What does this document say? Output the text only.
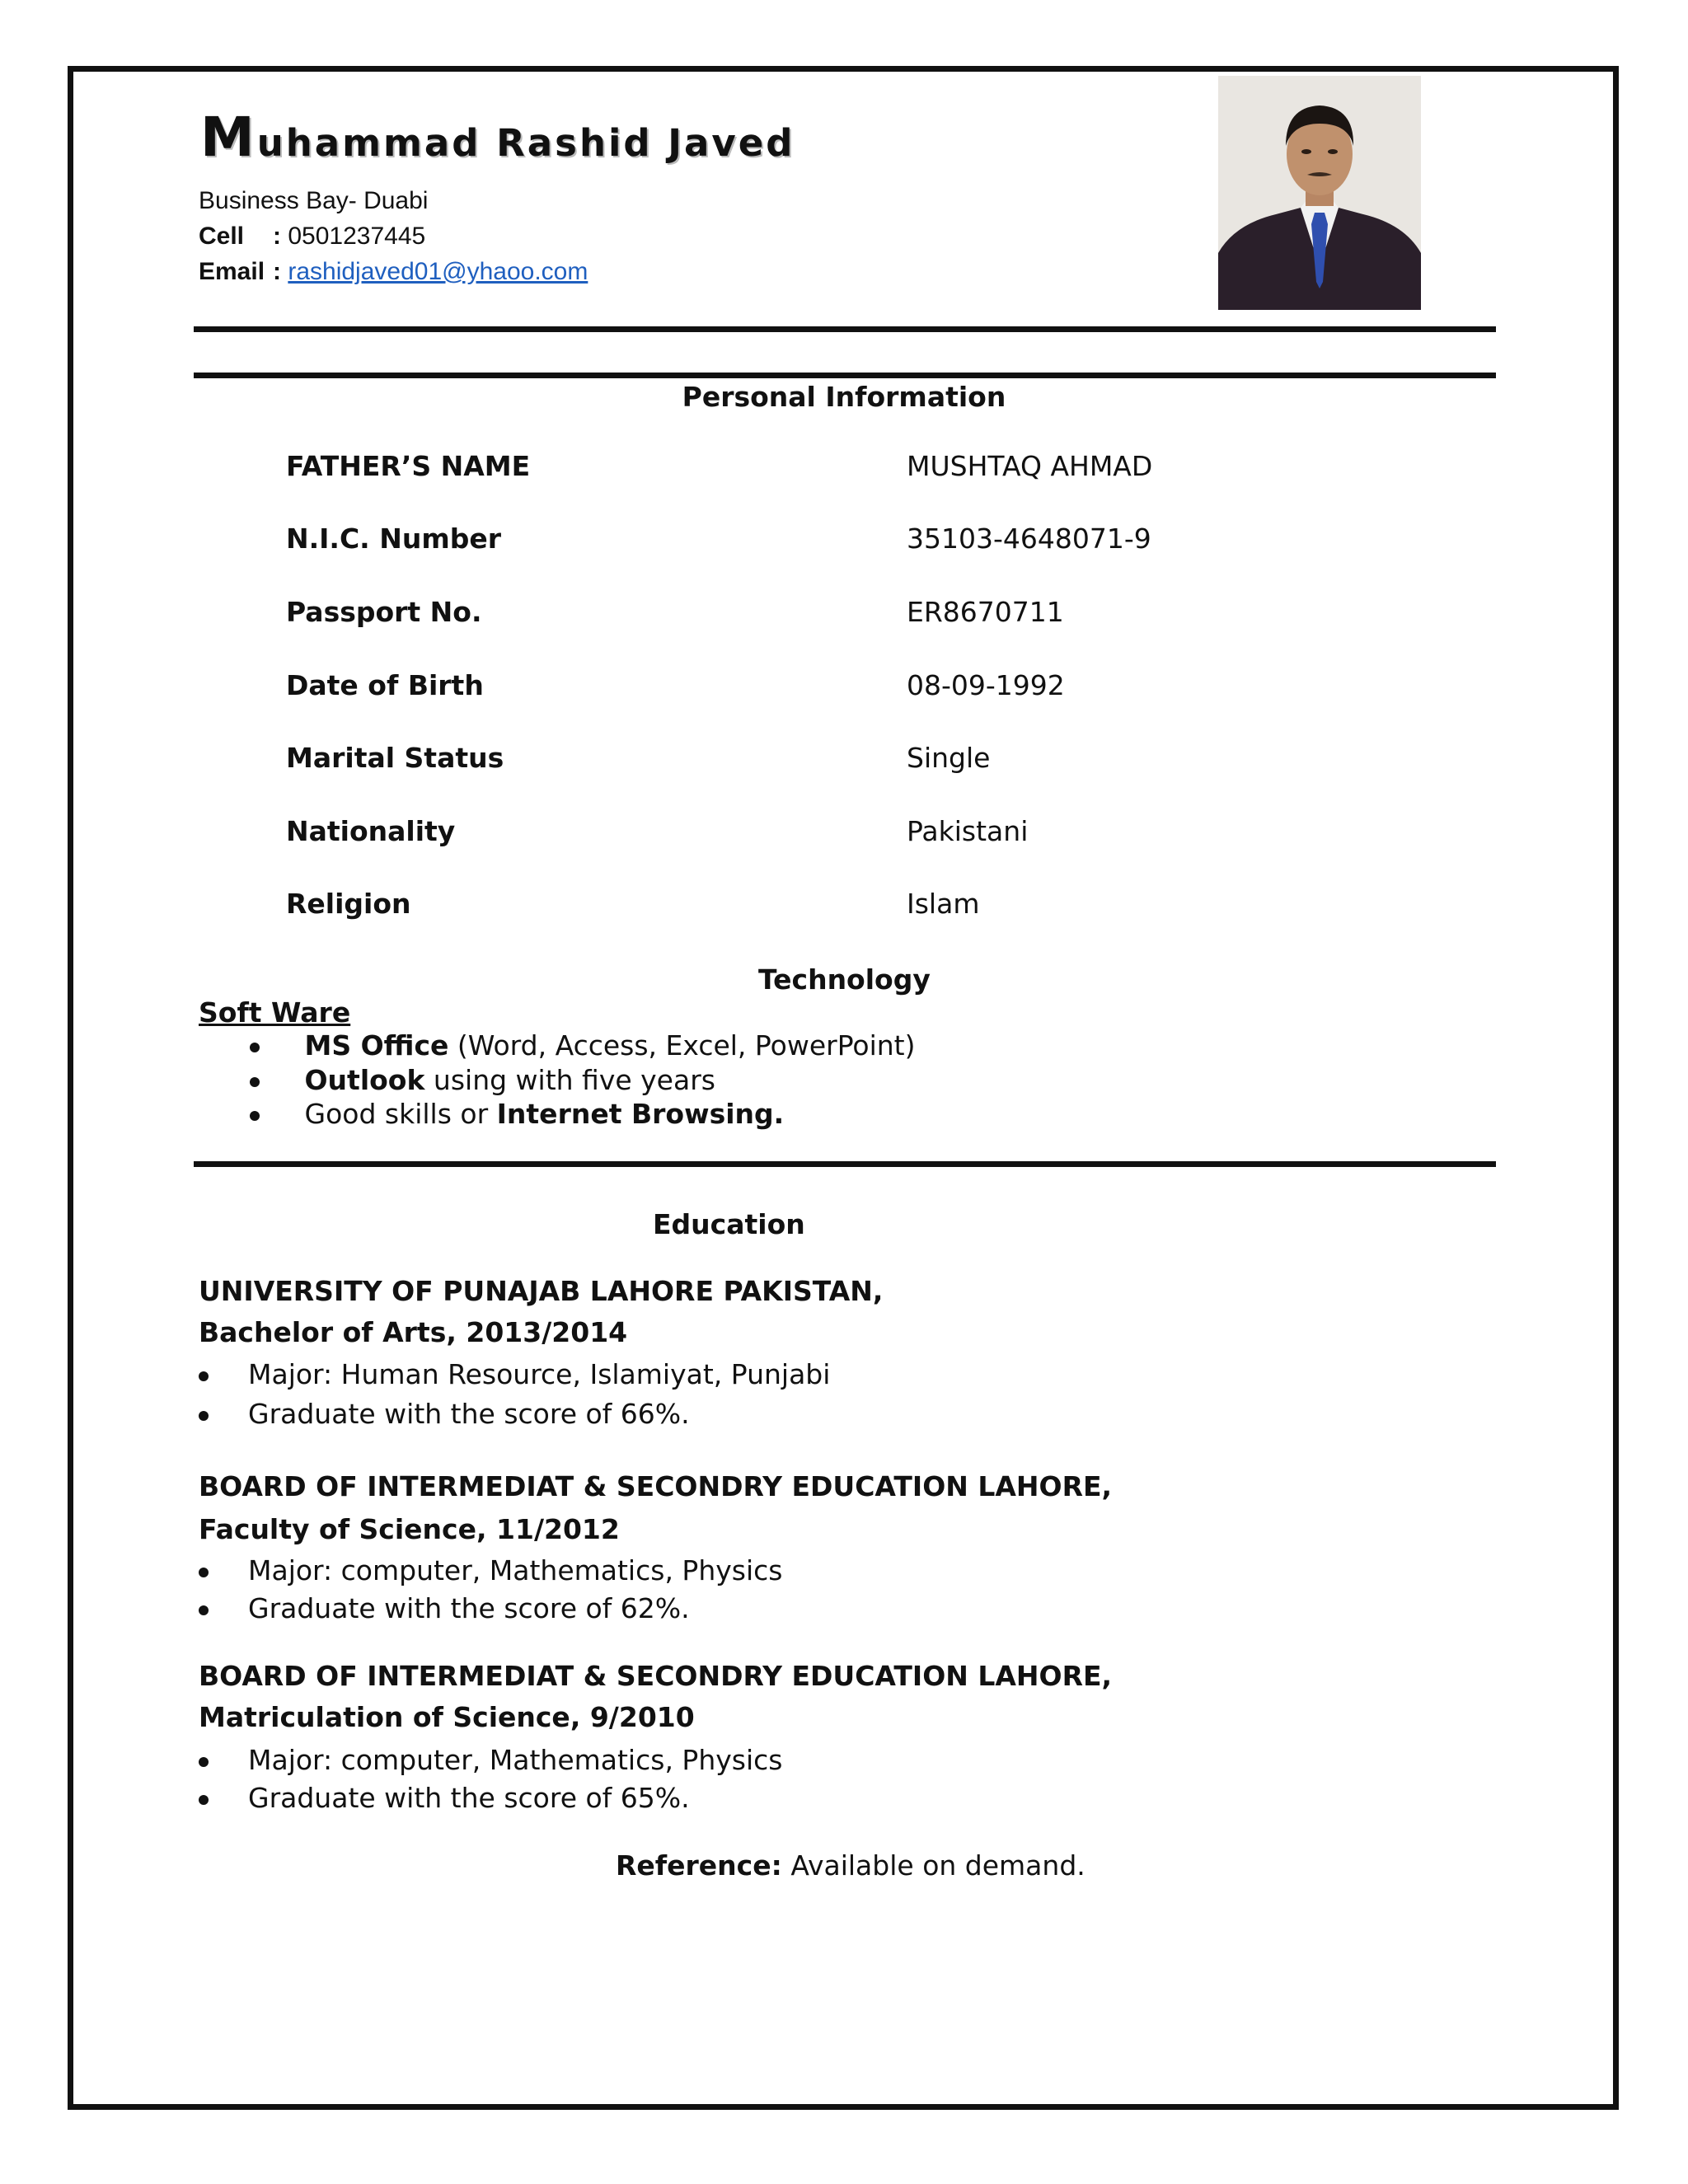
Muhammad Rashid Javed
Business Bay- Duabi
Cell : 0501237445
Email : rashidjaved01@yhaoo.com
Personal Information
FATHER’S NAME	MUSHTAQ AHMAD
N.I.C. Number	35103-4648071-9
Passport No.	ER8670711
Date of Birth	08-09-1992
Marital Status	Single
Nationality	Pakistani
Religion	Islam
Technology
Soft Ware
MS Office (Word, Access, Excel, PowerPoint)
Outlook using with five years
Good skills or Internet Browsing.
Education
UNIVERSITY OF PUNAJAB LAHORE PAKISTAN,
Bachelor of Arts, 2013/2014
Major: Human Resource, Islamiyat, Punjabi
Graduate with the score of 66%.
BOARD OF INTERMEDIAT & SECONDRY EDUCATION LAHORE,
Faculty of Science, 11/2012
Major: computer, Mathematics, Physics
Graduate with the score of 62%.
BOARD OF INTERMEDIAT & SECONDRY EDUCATION LAHORE,
Matriculation of Science, 9/2010
Major: computer, Mathematics, Physics
Graduate with the score of 65%.
Reference: Available on demand.
